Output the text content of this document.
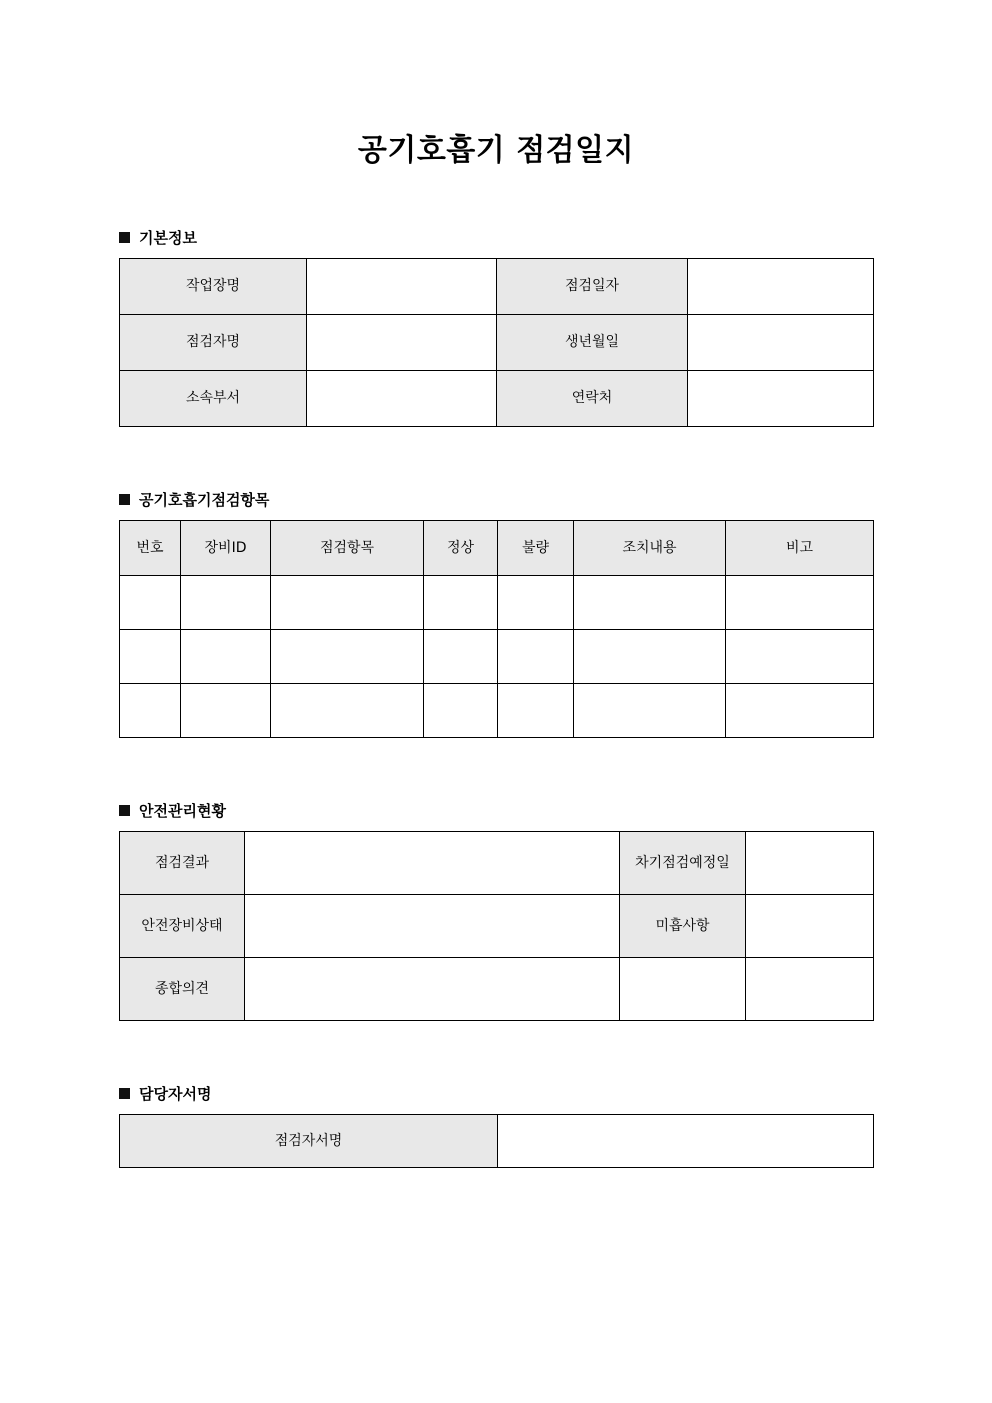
공기호흡기 점검일지
기본정보
작업장명		점검일자	
점검자명		생년월일	
소속부서		연락처	
공기호흡기점검항목
번호	장비ID	점검항목	정상	불량	조치내용	비고

안전관리현황
점검결과		차기점검예정일	
안전장비상태		미흡사항	
종합의견			
담당자서명
점검자서명	
